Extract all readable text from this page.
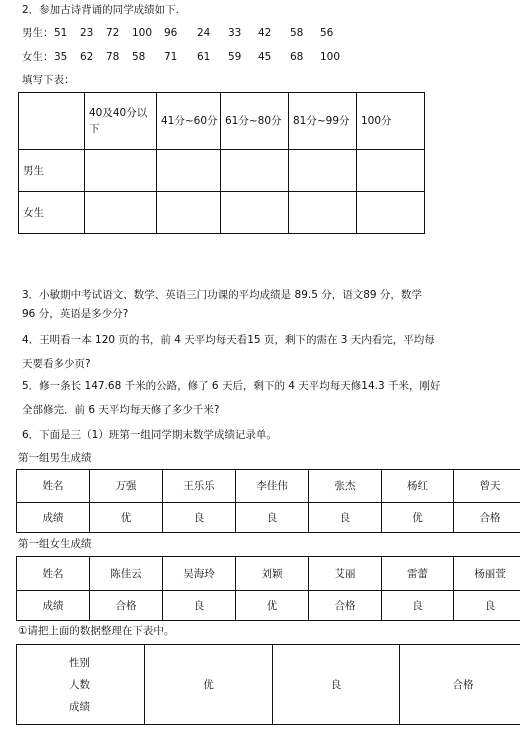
2．参加古诗背诵的同学成绩如下.
男生： 51 23 72 100 96 24 33 42 58 56
女生： 35 62 78 58 71 61 59 45 68 100
填写下表：
	40及40分以下	41分~60分	61分~80分	81分~99分	100分
男生					
女生					
3．小敏期中考试语文、数学、英语三门功课的平均成绩是 89.5 分，语文89 分，数学
96 分，英语是多少分?
4．王明看一本 120 页的书，前 4 天平均每天看15 页，剩下的需在 3 天内看完，平均每
天要看多少页?
5．修一条长 147.68 千米的公路，修了 6 天后，剩下的 4 天平均每天修14.3 千米，刚好
全部修完．前 6 天平均每天修了多少千米?
6．下面是三（1）班第一组同学期末数学成绩记录单。
第一组男生成绩
姓名	万强	王乐乐	李佳伟	张杰	杨红	曾天
成绩	优	良	良	良	优	合格
第一组女生成绩
姓名	陈佳云	吴海玲	刘颖	艾丽	雷蕾	杨丽萱
成绩	合格	良	优	合格	良	良
①请把上面的数据整理在下表中。
性别
人数
成绩
	优	良	合格
